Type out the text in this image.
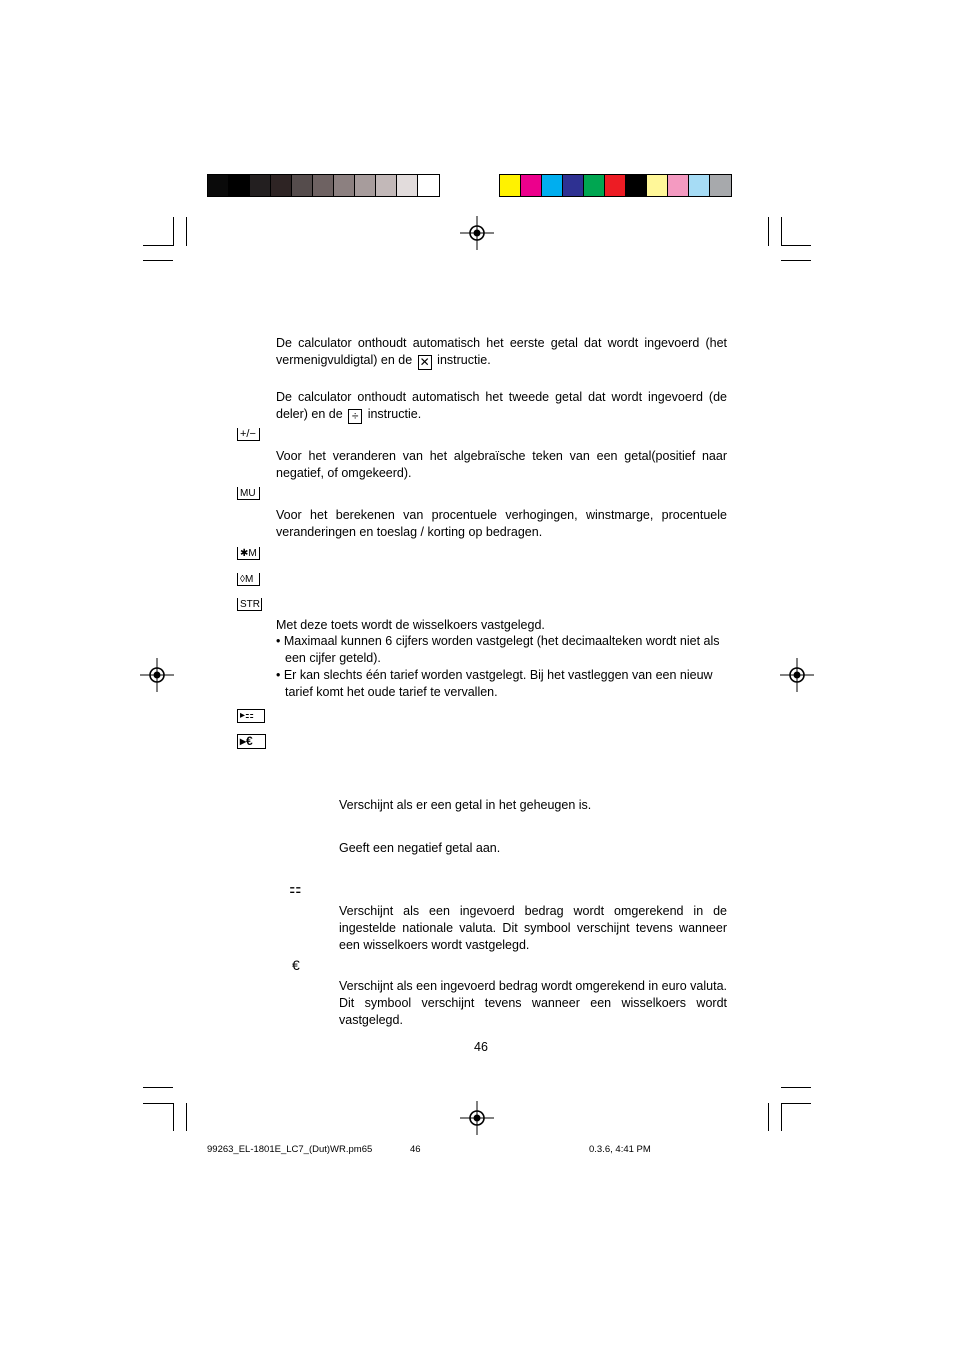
De calculator onthoudt automatisch het eerste getal dat wordt ingevoerd (het vermenigvuldigtal) en de ✕ instructie.
De calculator onthoudt automatisch het tweede getal dat wordt ingevoerd (de deler) en de ÷ instructie.
+/−
Voor het veranderen van het algebraïsche teken van een getal(positief naar negatief, of omgekeerd).
MU
Voor het berekenen van procentuele verhogingen, winstmarge, procentuele veranderingen en toeslag / korting op bedragen.
✱M
◊M
STR
Met deze toets wordt de wisselkoers vastgelegd.
• Maximaal kunnen 6 cijfers worden vastgelegt (het decimaalteken wordt niet als een cijfer geteld).
• Er kan slechts één tarief worden vastgelegt. Bij het vastleggen van een nieuw tarief komt het oude tarief te vervallen.
▸⚏
▸€
Verschijnt als er een getal in het geheugen is.
Geeft een negatief getal aan.
⚏
Verschijnt als een ingevoerd bedrag wordt omgerekend in de ingestelde nationale valuta. Dit symbool verschijnt tevens wanneer een wisselkoers wordt vastgelegd.
€
Verschijnt als een ingevoerd bedrag wordt omgerekend in euro valuta. Dit symbool verschijnt tevens wanneer een wisselkoers wordt vastgelegd.
46
99263_EL-1801E_LC7_(Dut)WR.pm65	46	0.3.6, 4:41 PM
